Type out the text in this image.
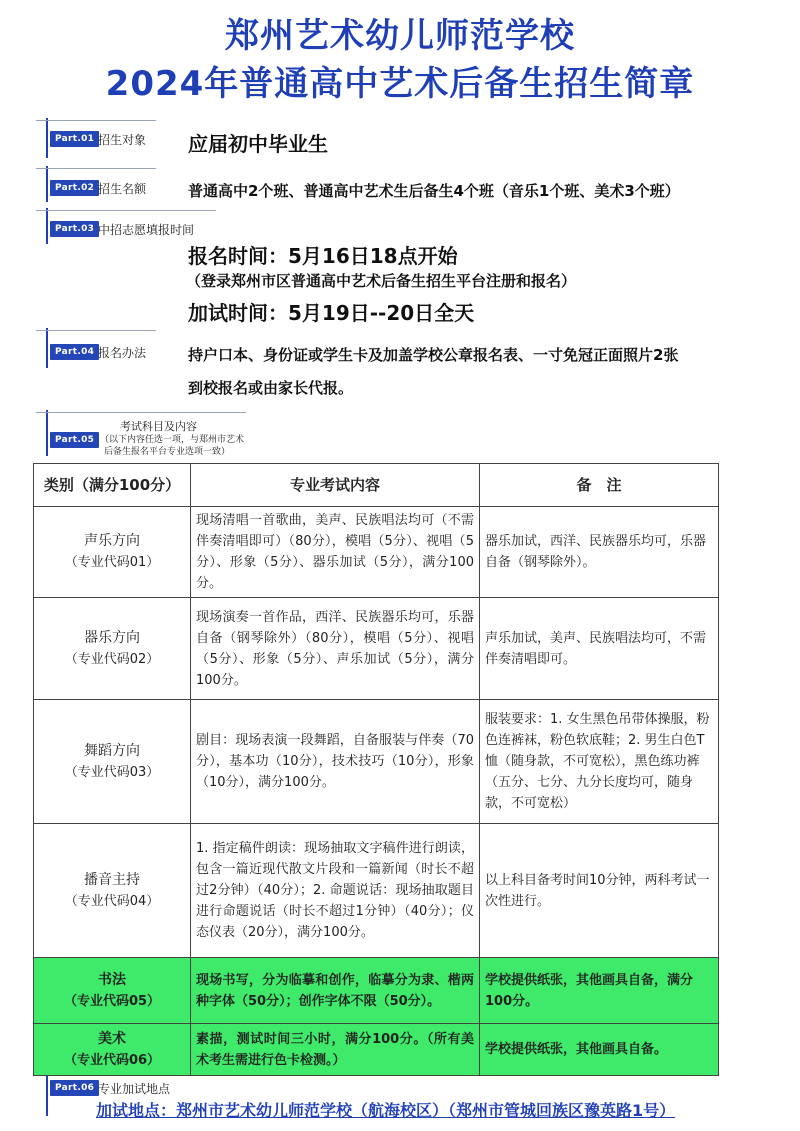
郑州艺术幼儿师范学校
2024年普通高中艺术后备生招生简章
Part.01 招生对象 应届初中毕业生
Part.02 招生名额	普通高中2个班、普通高中艺术生后备生4个班（音乐1个班、美术3个班）
Part.03 中招志愿填报时间
报名时间：5月16日18点开始
（登录郑州市区普通高中艺术后备生招生平台注册和报名）
加试时间：5月19日--20日全天
Part.04 报名办法	持户口本、身份证或学生卡及加盖学校公章报名表、一寸免冠正面照片2张
到校报名或由家长代报。
Part.05
考试科目及内容
（以下内容任选一项，与郑州市艺术
后备生报名平台专业选项一致）
类别（满分100分）	专业考试内容	备　注

声乐方向
（专业代码01）	现场清唱一首歌曲，美声、民族唱法均可（不需伴奏清唱即可）（80分），模唱（5分）、视唱（5分）、形象（5分）、器乐加试（5分），满分100分。	器乐加试，西洋、民族器乐均可，乐器自备（钢琴除外）。

器乐方向
（专业代码02）	现场演奏一首作品，西洋、民族器乐均可，乐器自备（钢琴除外）（80分），模唱（5分）、视唱（5分）、形象（5分）、声乐加试（5分），满分100分。	声乐加试，美声、民族唱法均可，不需伴奏清唱即可。

舞蹈方向
（专业代码03）	剧目：现场表演一段舞蹈，自备服装与伴奏（70分），基本功（10分），技术技巧（10分），形象（10分），满分100分。	服装要求：1. 女生黑色吊带体操服，粉色连裤袜，粉色软底鞋；2. 男生白色T恤（随身款，不可宽松），黑色练功裤（五分、七分、九分长度均可，随身款，不可宽松）

播音主持
（专业代码04）	1. 指定稿件朗读：现场抽取文字稿件进行朗读，包含一篇近现代散文片段和一篇新闻（时长不超过2分钟）（40分）；2. 命题说话：现场抽取题目进行命题说话（时长不超过1分钟）（40分）；仪态仪表（20分），满分100分。	以上科目备考时间10分钟，两科考试一次性进行。

书法
（专业代码05）	现场书写，分为临摹和创作，临摹分为隶、楷两种字体（50分）；创作字体不限（50分）。	学校提供纸张，其他画具自备，满分100分。

美术
（专业代码06）	素描，测试时间三小时，满分100分。（所有美术考生需进行色卡检测。）	学校提供纸张，其他画具自备。
Part.06 专业加试地点
加试地点：郑州市艺术幼儿师范学校（航海校区）（郑州市管城回族区豫英路1号）
